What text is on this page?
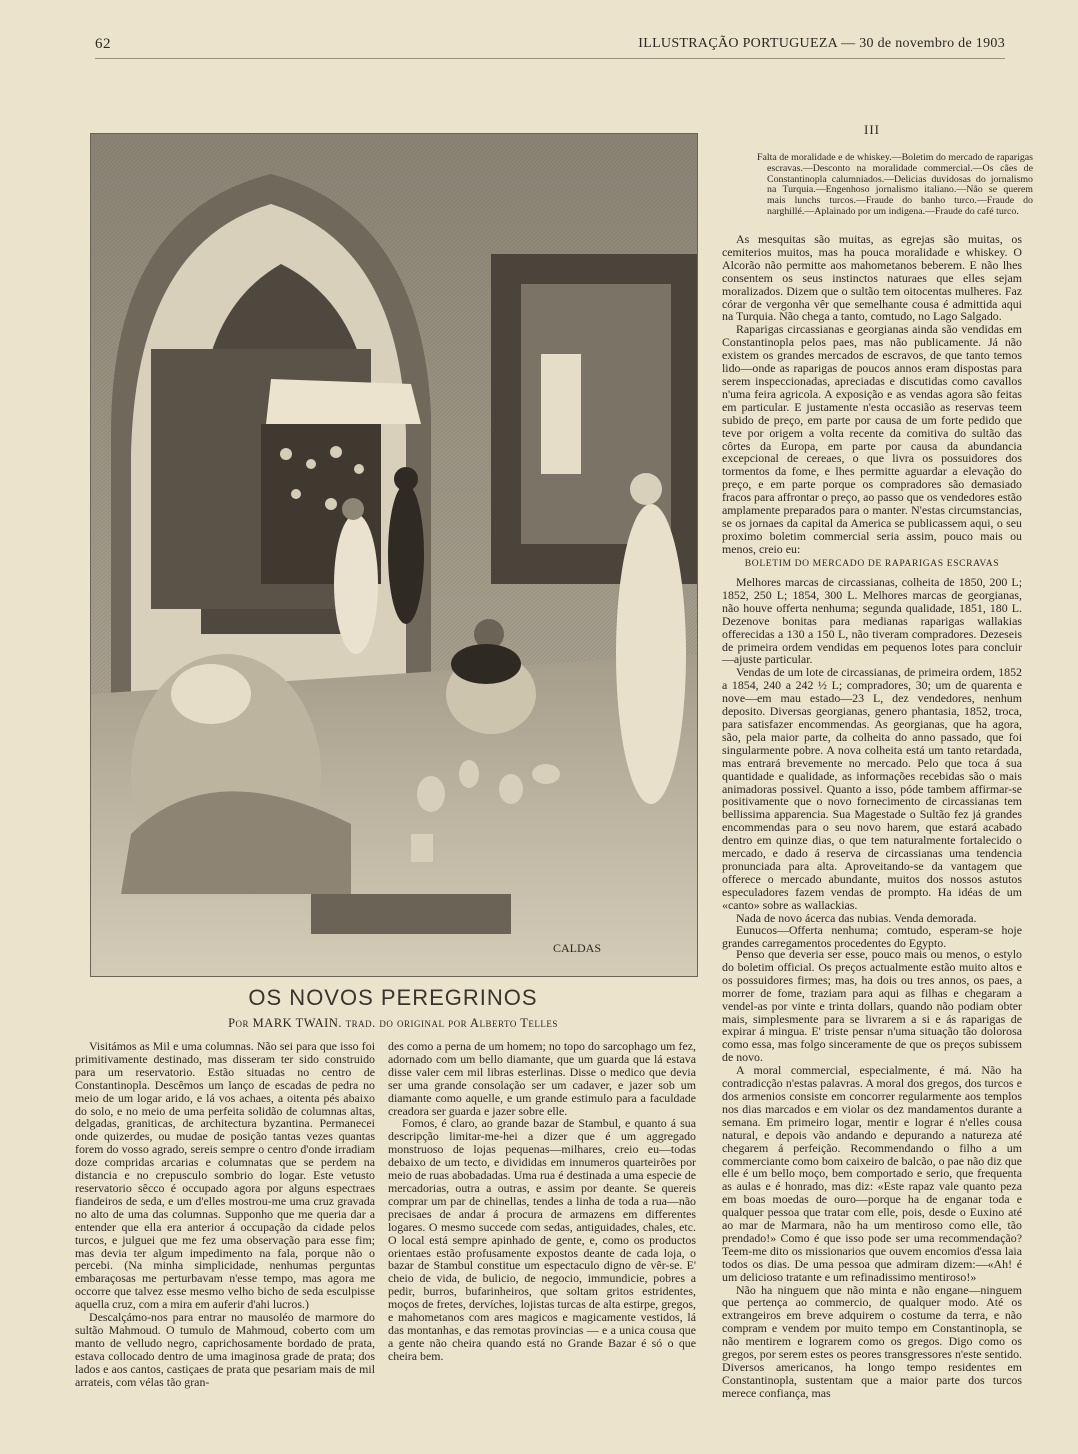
62	ILLUSTRAÇÃO PORTUGUEZA — 30 de novembro de 1903
CALDAS
OS NOVOS PEREGRINOS
Por MARK TWAIN. trad. do original por Alberto Telles

Visitámos as Mil e uma columnas. Não sei para que isso foi primitivamente destinado, mas disseram ter sido construido para um reservatorio. Estão situadas no centro de Constantinopla. Descêmos um lanço de escadas de pedra no meio de um logar arido, e lá vos achaes, a oitenta pés abaixo do solo, e no meio de uma perfeita solidão de columnas altas, delgadas, graniticas, de architectura byzantina. Permanecei onde quizerdes, ou mudae de posição tantas vezes quantas forem do vosso agrado, sereis sempre o centro d'onde irradiam doze compridas arcarias e columnatas que se perdem na distancia e no crepusculo sombrio do logar. Este vetusto reservatorio sêcco é occupado agora por alguns espectraes fiandeiros de seda, e um d'elles mostrou-me uma cruz gravada no alto de uma das columnas. Supponho que me queria dar a entender que ella era anterior á occupação da cidade pelos turcos, e julguei que me fez uma observação para esse fim; mas devia ter algum impedimento na fala, porque não o percebi. (Na minha simplicidade, nenhumas perguntas embaraçosas me perturbavam n'esse tempo, mas agora me occorre que talvez esse mesmo velho bicho de seda esculpisse aquella cruz, com a mira em auferir d'ahi lucros.)

Descalçámo-nos para entrar no mausoléo de marmore do sultão Mahmoud. O tumulo de Mahmoud, coberto com um manto de velludo negro, caprichosamente bordado de prata, estava collocado dentro de uma imaginosa grade de prata; dos lados e aos cantos, castiçaes de prata que pesariam mais de mil arrateis, com vélas tão gran-

des como a perna de um homem; no topo do sarcophago um fez, adornado com um bello diamante, que um guarda que lá estava disse valer cem mil libras esterlinas. Disse o medico que devia ser uma grande consolação ser um cadaver, e jazer sob um diamante como aquelle, e um grande estimulo para a faculdade creadora ser guarda e jazer sobre elle.

Fomos, é claro, ao grande bazar de Stambul, e quanto á sua descripção limitar-me-hei a dizer que é um aggregado monstruoso de lojas pequenas—milhares, creio eu—todas debaixo de um tecto, e divididas em innumeros quarteirões por meio de ruas abobadadas. Uma rua é destinada a uma especie de mercadorias, outra a outras, e assim por deante. Se quereis comprar um par de chinellas, tendes a linha de toda a rua—não precisaes de andar á procura de armazens em differentes logares. O mesmo succede com sedas, antiguidades, chales, etc. O local está sempre apinhado de gente, e, como os productos orientaes estão profusamente expostos deante de cada loja, o bazar de Stambul constitue um espectaculo digno de vêr-se. E' cheio de vida, de bulicio, de negocio, immundicie, pobres a pedir, burros, bufarinheiros, que soltam gritos estridentes, moços de fretes, dervíches, lojistas turcas de alta estirpe, gregos, e mahometanos com ares magicos e magicamente vestidos, lá das montanhas, e das remotas provincias — e a unica cousa que a gente não cheira quando está no Grande Bazar é só o que cheira bem.

III
Falta de moralidade e de whiskey.—Boletim do mercado de raparigas escravas.—Desconto na moralidade commercial.—Os cães de Constantinopla calumniados.—Delicias duvidosas do jornalismo na Turquia.—Engenhoso jornalismo italiano.—Não se querem mais lunchs turcos.—Fraude do banho turco.—Fraude do narghillé.—Aplainado por um indigena.—Fraude do café turco.

As mesquitas são muitas, as egrejas são muitas, os cemiterios muitos, mas ha pouca moralidade e whiskey. O Alcorão não permitte aos mahometanos beberem. E não lhes consentem os seus instinctos naturaes que elles sejam moralizados. Dizem que o sultão tem oitocentas mulheres. Faz córar de vergonha vêr que semelhante cousa é admittida aqui na Turquia. Não chega a tanto, comtudo, no Lago Salgado.

Raparigas circassianas e georgianas ainda são vendidas em Constantinopla pelos paes, mas não publicamente. Já não existem os grandes mercados de escravos, de que tanto temos lido—onde as raparigas de poucos annos eram dispostas para serem inspeccionadas, apreciadas e discutidas como cavallos n'uma feira agricola. A exposição e as vendas agora são feitas em particular. E justamente n'esta occasião as reservas teem subido de preço, em parte por causa de um forte pedido que teve por origem a volta recente da comitiva do sultão das côrtes da Europa, em parte por causa da abundancia excepcional de cereaes, o que livra os possuidores dos tormentos da fome, e lhes permitte aguardar a elevação do preço, e em parte porque os compradores são demasiado fracos para affrontar o preço, ao passo que os vendedores estão amplamente preparados para o manter. N'estas circumstancias, se os jornaes da capital da America se publicassem aqui, o seu proximo boletim commercial seria assim, pouco mais ou menos, creio eu:

BOLETIM DO MERCADO DE RAPARIGAS ESCRAVAS

Melhores marcas de circassianas, colheita de 1850, 200 L; 1852, 250 L; 1854, 300 L. Melhores marcas de georgianas, não houve offerta nenhuma; segunda qualidade, 1851, 180 L. Dezenove bonitas para medianas raparigas wallakias offerecidas a 130 a 150 L, não tiveram compradores. Dezeseis de primeira ordem vendidas em pequenos lotes para concluir—ajuste particular.

Vendas de um lote de circassianas, de primeira ordem, 1852 a 1854, 240 a 242 ½ L; compradores, 30; um de quarenta e nove—em mau estado—23 L, dez vendedores, nenhum deposito. Diversas georgianas, genero phantasia, 1852, troca, para satisfazer encommendas. As georgianas, que ha agora, são, pela maior parte, da colheita do anno passado, que foi singularmente pobre. A nova colheita está um tanto retardada, mas entrará brevemente no mercado. Pelo que toca á sua quantidade e qualidade, as informações recebidas são o mais animadoras possivel. Quanto a isso, póde tambem affirmar-se positivamente que o novo fornecimento de circassianas tem bellissima apparencia. Sua Magestade o Sultão fez já grandes encommendas para o seu novo harem, que estará acabado dentro em quinze dias, o que tem naturalmente fortalecido o mercado, e dado á reserva de circassianas uma tendencia pronunciada para alta. Aproveitando-se da vantagem que offerece o mercado abundante, muitos dos nossos astutos especuladores fazem vendas de prompto. Ha idéas de um «canto» sobre as wallackias.

Nada de novo ácerca das nubias. Venda demorada.

Eunucos—Offerta nenhuma; comtudo, esperam-se hoje grandes carregamentos procedentes do Egypto.

Penso que deveria ser esse, pouco mais ou menos, o estylo do boletim official. Os preços actualmente estão muito altos e os possuidores firmes; mas, ha dois ou tres annos, os paes, a morrer de fome, traziam para aqui as filhas e chegaram a vendel-as por vinte e trinta dollars, quando não podiam obter mais, simplesmente para se livrarem a si e ás raparigas de expirar á mingua. E' triste pensar n'uma situação tão dolorosa como essa, mas folgo sinceramente de que os preços subissem de novo.

A moral commercial, especialmente, é má. Não ha contradicção n'estas palavras. A moral dos gregos, dos turcos e dos armenios consiste em concorrer regularmente aos templos nos dias marcados e em violar os dez mandamentos durante a semana. Em primeiro logar, mentir e lograr é n'elles cousa natural, e depois vão andando e depurando a natureza até chegarem á perfeição. Recommendando o filho a um commerciante como bom caixeiro de balcão, o pae não diz que elle é um bello moço, bem comportado e serio, que frequenta as aulas e é honrado, mas diz: «Este rapaz vale quanto peza em boas moedas de ouro—porque ha de enganar toda e qualquer pessoa que tratar com elle, pois, desde o Euxino até ao mar de Marmara, não ha um mentiroso como elle, tão prendado!» Como é que isso pode ser uma recommendação? Teem-me dito os missionarios que ouvem encomios d'essa laia todos os dias. De uma pessoa que admiram dizem:—«Ah! é um delicioso tratante e um refinadissimo mentiroso!»

Não ha ninguem que não minta e não engane—ninguem que pertença ao commercio, de qualquer modo. Até os extrangeiros em breve adquirem o costume da terra, e não compram e vendem por muito tempo em Constantinopla, se não mentirem e lograrem como os gregos. Digo como os gregos, por serem estes os peores transgressores n'este sentido. Diversos americanos, ha longo tempo residentes em Constantinopla, sustentam que a maior parte dos turcos merece confiança, mas
